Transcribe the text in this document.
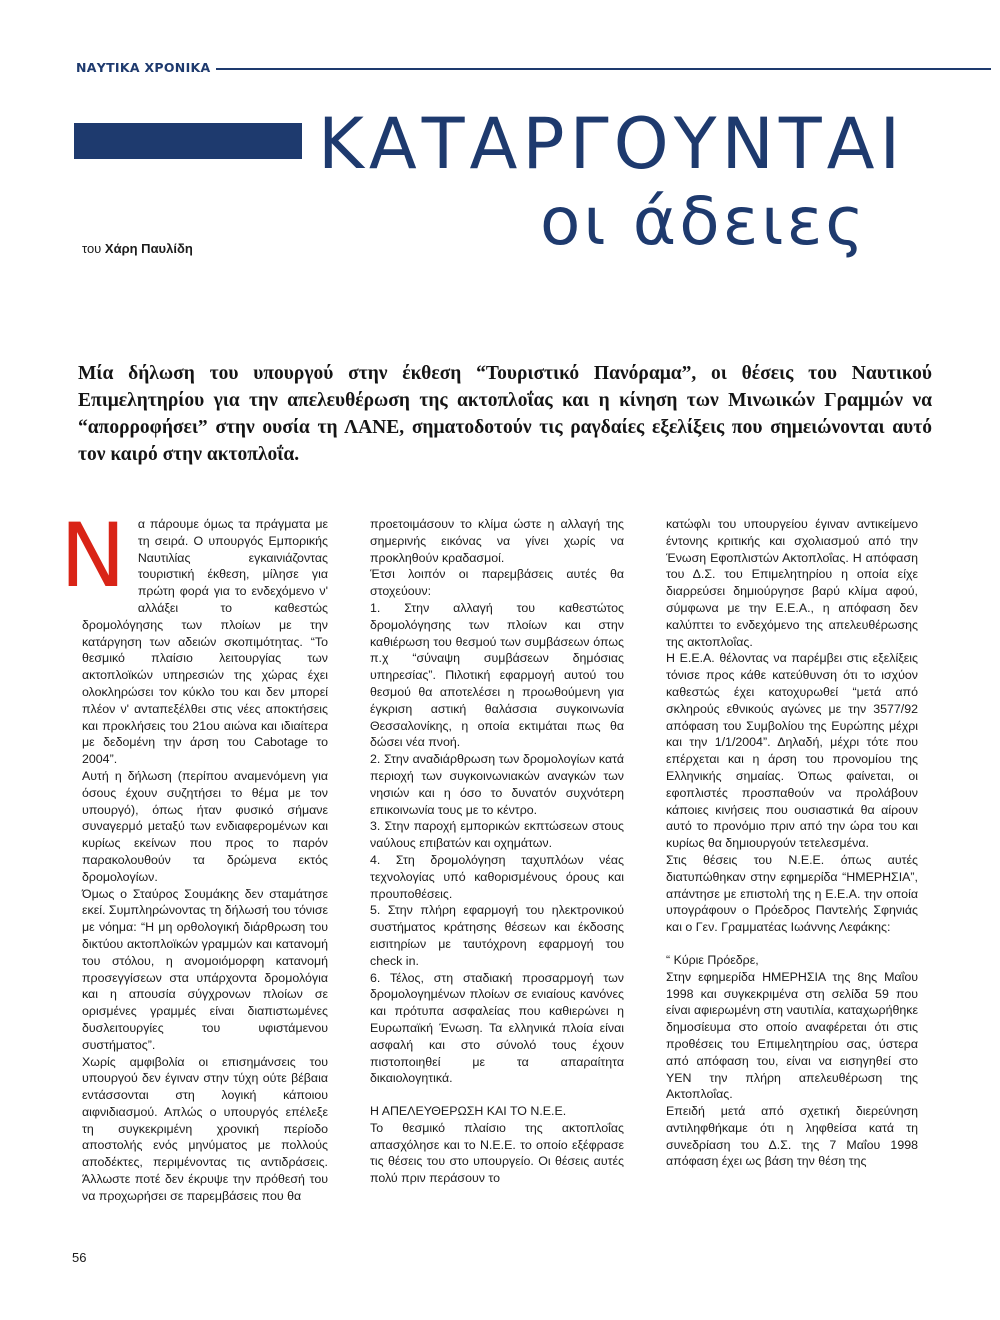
ΝΑΥΤΙΚΑ ΧΡΟΝΙΚΑ
ΚΑΤΑΡΓΟΥΝΤΑΙ
οι άδειες
του Χάρη Παυλίδη
Μία δήλωση του υπουργού στην έκθεση “Τουριστικό Πανόραμα”, οι θέσεις του Ναυτικού Επιμελητηρίου για την απελευθέρωση της ακτοπλοΐας και η κίνηση των Μινωικών Γραμμών να “απορροφήσει” στην ουσία τη ΛΑΝΕ, σηματοδοτούν τις ραγδαίες εξελίξεις που σημειώνονται αυτό τον καιρό στην ακτοπλοΐα.

Να πάρουμε όμως τα πράγματα με τη σειρά. Ο υπουργός Εμπορικής Ναυτιλίας εγκαινιάζοντας τουριστική έκθεση, μίλησε για πρώτη φορά για το ενδεχόμενο ν' αλλάξει το καθεστώς δρομολόγησης των πλοίων με την κατάργηση των αδειών σκοπιμότητας. “Το θεσμικό πλαίσιο λειτουργίας των ακτοπλοϊκών υπηρεσιών της χώρας έχει ολοκληρώσει τον κύκλο του και δεν μπορεί πλέον ν' ανταπεξέλθει στις νέες αποκτήσεις και προκλήσεις του 21ου αιώνα και ιδιαίτερα με δεδομένη την άρση του Cabotage το 2004”.

Αυτή η δήλωση (περίπου αναμενόμενη για όσους έχουν συζητήσει το θέμα με τον υπουργό), όπως ήταν φυσικό σήμανε συναγερμό μεταξύ των ενδιαφερομένων και κυρίως εκείνων που προς το παρόν παρακολουθούν τα δρώμενα εκτός δρομολογίων.

Όμως ο Σταύρος Σουμάκης δεν σταμάτησε εκεί. Συμπληρώνοντας τη δήλωσή του τόνισε με νόημα: “Η μη ορθολογική διάρθρωση του δικτύου ακτοπλοϊκών γραμμών και κατανομή του στόλου, η ανομοιόμορφη κατανομή προσεγγίσεων στα υπάρχοντα δρομολόγια και η απουσία σύγχρονων πλοίων σε ορισμένες γραμμές είναι διαπιστωμένες δυσλειτουργίες του υφιστάμενου συστήματος”.

Χωρίς αμφιβολία οι επισημάνσεις του υπουργού δεν έγιναν στην τύχη ούτε βέβαια εντάσσονται στη λογική κάποιου αιφνιδιασμού. Απλώς ο υπουργός επέλεξε τη συγκεκριμένη χρονική περίοδο αποστολής ενός μηνύματος με πολλούς αποδέκτες, περιμένοντας τις αντιδράσεις. Άλλωστε ποτέ δεν έκρυψε την πρόθεσή του να προχωρήσει σε παρεμβάσεις που θα

προετοιμάσουν το κλίμα ώστε η αλλαγή της σημερινής εικόνας να γίνει χωρίς να προκληθούν κραδασμοί.

Έτσι λοιπόν οι παρεμβάσεις αυτές θα στοχεύουν:

1. Στην αλλαγή του καθεστώτος δρομολόγησης των πλοίων και στην καθιέρωση του θεσμού των συμβάσεων όπως π.χ “σύναψη συμβάσεων δημόσιας υπηρεσίας”. Πιλοτική εφαρμογή αυτού του θεσμού θα αποτελέσει η προωθούμενη για έγκριση αστική θαλάσσια συγκοινωνία Θεσσαλονίκης, η οποία εκτιμάται πως θα δώσει νέα πνοή.

2. Στην αναδιάρθρωση των δρομολογίων κατά περιοχή των συγκοινωνιακών αναγκών των νησιών και η όσο το δυνατόν συχνότερη επικοινωνία τους με το κέντρο.

3. Στην παροχή εμπορικών εκπτώσεων στους ναύλους επιβατών και οχημάτων.

4. Στη δρομολόγηση ταχυπλόων νέας τεχνολογίας υπό καθορισμένους όρους και προυποθέσεις.

5. Στην πλήρη εφαρμογή του ηλεκτρονικού συστήματος κράτησης θέσεων και έκδοσης εισιτηρίων με ταυτόχρονη εφαρμογή του check in.

6. Τέλος, στη σταδιακή προσαρμογή των δρομολογημένων πλοίων σε ενιαίους κανόνες και πρότυπα ασφαλείας που καθιερώνει η Ευρωπαϊκή Ένωση. Τα ελληνικά πλοία είναι ασφαλή και στο σύνολό τους έχουν πιστοποιηθεί με τα απαραίτητα δικαιολογητικά.

Η ΑΠΕΛΕΥΘΕΡΩΣΗ ΚΑΙ ΤΟ Ν.Ε.Ε.

Το θεσμικό πλαίσιο της ακτοπλοΐας απασχόλησε και το Ν.Ε.Ε. το οποίο εξέφρασε τις θέσεις του στο υπουργείο. Οι θέσεις αυτές πολύ πριν περάσουν το

κατώφλι του υπουργείου έγιναν αντικείμενο έντονης κριτικής και σχολιασμού από την Ένωση Εφοπλιστών Ακτοπλοΐας. Η απόφαση του Δ.Σ. του Επιμελητηρίου η οποία είχε διαρρεύσει δημιούργησε βαρύ κλίμα αφού, σύμφωνα με την Ε.Ε.Α., η απόφαση δεν καλύπτει το ενδεχόμενο της απελευθέρωσης της ακτοπλοΐας.

Η Ε.Ε.Α. θέλοντας να παρέμβει στις εξελίξεις τόνισε προς κάθε κατεύθυνση ότι το ισχύον καθεστώς έχει κατοχυρωθεί “μετά από σκληρούς εθνικούς αγώνες με την 3577/92 απόφαση του Συμβολίου της Ευρώπης μέχρι και την 1/1/2004”. Δηλαδή, μέχρι τότε που επέρχεται και η άρση του προνομίου της Ελληνικής σημαίας. Όπως φαίνεται, οι εφοπλιστές προσπαθούν να προλάβουν κάποιες κινήσεις που ουσιαστικά θα αίρουν αυτό το προνόμιο πριν από την ώρα του και κυρίως θα δημιουργούν τετελεσμένα.

Στις θέσεις του Ν.Ε.Ε. όπως αυτές διατυπώθηκαν στην εφημερίδα “ΗΜΕΡΗΣΙΑ”, απάντησε με επιστολή της η Ε.Ε.Α. την οποία υπογράφουν ο Πρόεδρος Παντελής Σφηνιάς και ο Γεν. Γραμματέας Ιωάννης Λεφάκης:

“ Κύριε Πρόεδρε,

Στην εφημερίδα ΗΜΕΡΗΣΙΑ της 8ης Μαΐου 1998 και συγκεκριμένα στη σελίδα 59 που είναι αφιερωμένη στη ναυτιλία, καταχωρήθηκε δημοσίευμα στο οποίο αναφέρεται ότι στις προθέσεις του Επιμελητηρίου σας, ύστερα από απόφαση του, είναι να εισηγηθεί στο ΥΕΝ την πλήρη απελευθέρωση της Ακτοπλοΐας.

Επειδή μετά από σχετική διερεύνηση αντιληφθήκαμε ότι η ληφθείσα κατά τη συνεδρίαση του Δ.Σ. της 7 Μαΐου 1998 απόφαση έχει ως βάση την θέση της

56
